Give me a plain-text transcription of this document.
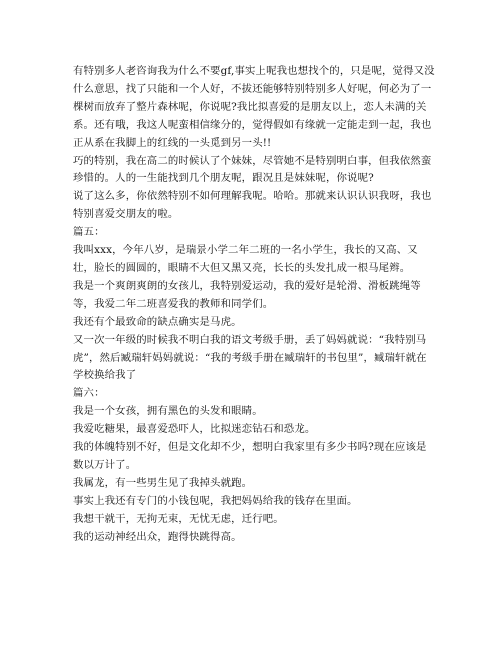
有特别多人老咨询我为什么不要gf,事实上呢我也想找个的，只是呢，觉得又没什么意思，找了只能和一个人好，不拔还能够特别特别多人好呢，何必为了一棵树而放弃了整片森林呢，你说呢?我比拟喜爱的是朋友以上，恋人未满的关系。还有哦，我这人呢蛮相信缘分的，觉得假如有缘就一定能走到一起，我也正从系在我脚上的红线的一头觅到另一头!!

巧的特别，我在高二的时候认了个妹妹，尽管她不是特别明白事，但我依然蛮珍惜的。人的一生能找到几个朋友呢，跟况且是妹妹呢，你说呢?

说了这么多，你依然特别不如何理解我呢。哈哈。那就来认识认识我呀，我也特别喜爱交朋友的啦。

篇五：

我叫xxx，今年八岁，是瑞景小学二年二班的一名小学生，我长的又高、又壮，脸长的圆圆的，眼睛不大但又黑又亮，长长的头发扎成一根马尾辫。

我是一个爽朗爽朗的女孩儿，我特别爱运动，我的爱好是轮滑、滑板跳绳等等，我爱二年二班喜爱我的教师和同学们。

我还有个最致命的缺点确实是马虎。

又一次一年级的时候我不明白我的语文考级手册，丢了妈妈就说：“我特别马虎”，然后臧瑞轩妈妈就说：“我的考级手册在臧瑞轩的书包里”，臧瑞轩就在学校换给我了

篇六：

我是一个女孩，拥有黑色的头发和眼睛。

我爱吃糖果，最喜爱恐吓人，比拟迷恋钻石和恐龙。

我的体魄特别不好，但是文化却不少，想明白我家里有多少书吗?现在应该是数以万计了。

我属龙，有一些男生见了我掉头就跑。

事实上我还有专门的小钱包呢，我把妈妈给我的钱存在里面。

我想干就干，无拘无束，无忧无虑，迁行吧。

我的运动神经出众，跑得快跳得高。
